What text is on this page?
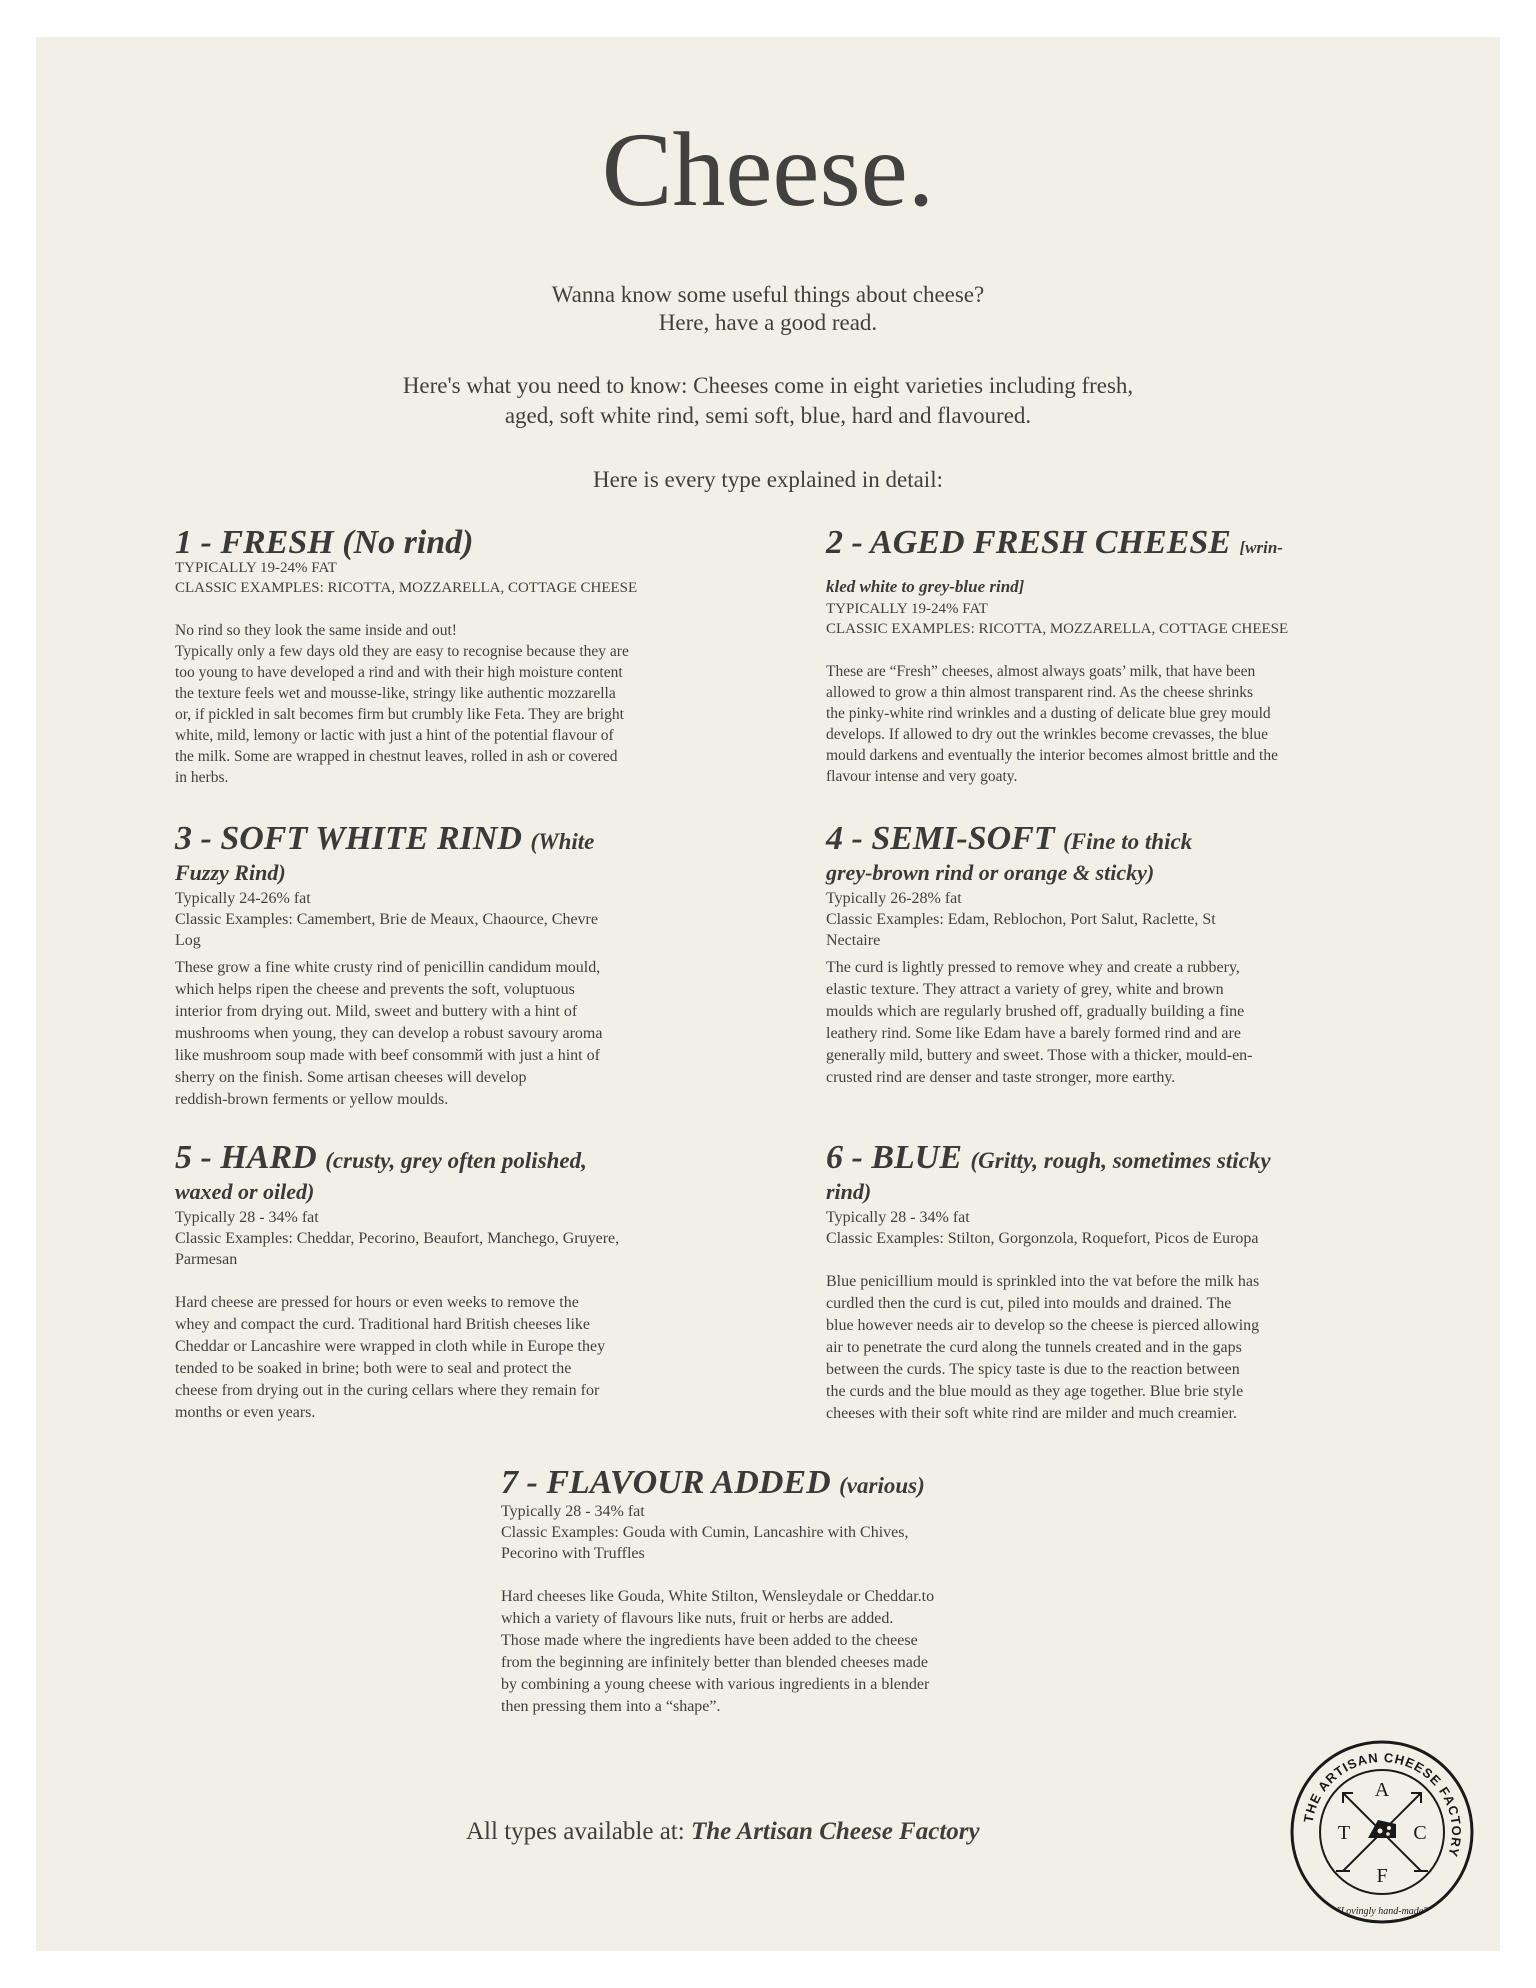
Cheese.
Wanna know some useful things about cheese?
Here, have a good read.
Here's what you need to know: Cheeses come in eight varieties including fresh,
aged, soft white rind, semi soft, blue, hard and flavoured.
Here is every type explained in detail:
1 - FRESH (No rind)
TYPICALLY 19-24% FAT
CLASSIC EXAMPLES: RICOTTA, MOZZARELLA, COTTAGE CHEESE
No rind so they look the same inside and out!
Typically only a few days old they are easy to recognise because they are
too young to have developed a rind and with their high moisture content
the texture feels wet and mousse-like, stringy like authentic mozzarella
or, if pickled in salt becomes firm but crumbly like Feta. They are bright
white, mild, lemony or lactic with just a hint of the potential flavour of
the milk. Some are wrapped in chestnut leaves, rolled in ash or covered
in herbs.
2 - AGED FRESH CHEESE [wrin-
kled white to grey-blue rind]
TYPICALLY 19-24% FAT
CLASSIC EXAMPLES: RICOTTA, MOZZARELLA, COTTAGE CHEESE
These are “Fresh” cheeses, almost always goats’ milk, that have been
allowed to grow a thin almost transparent rind. As the cheese shrinks
the pinky-white rind wrinkles and a dusting of delicate blue grey mould
develops. If allowed to dry out the wrinkles become crevasses, the blue
mould darkens and eventually the interior becomes almost brittle and the
flavour intense and very goaty.
3 - SOFT WHITE RIND (White
Fuzzy Rind)
Typically 24-26% fat
Classic Examples: Camembert, Brie de Meaux, Chaource, Chevre
Log
These grow a fine white crusty rind of penicillin candidum mould,
which helps ripen the cheese and prevents the soft, voluptuous
interior from drying out. Mild, sweet and buttery with a hint of
mushrooms when young, they can develop a robust savoury aroma
like mushroom soup made with beef consommй with just a hint of
sherry on the finish. Some artisan cheeses will develop
reddish-brown ferments or yellow moulds.
4 - SEMI-SOFT (Fine to thick
grey-brown rind or orange & sticky)
Typically 26-28% fat
Classic Examples: Edam, Reblochon, Port Salut, Raclette, St
Nectaire
The curd is lightly pressed to remove whey and create a rubbery,
elastic texture. They attract a variety of grey, white and brown
moulds which are regularly brushed off, gradually building a fine
leathery rind. Some like Edam have a barely formed rind and are
generally mild, buttery and sweet. Those with a thicker, mould-en-
crusted rind are denser and taste stronger, more earthy.
5 - HARD (crusty, grey often polished,
waxed or oiled)
Typically 28 - 34% fat
Classic Examples: Cheddar, Pecorino, Beaufort, Manchego, Gruyere,
Parmesan
Hard cheese are pressed for hours or even weeks to remove the
whey and compact the curd. Traditional hard British cheeses like
Cheddar or Lancashire were wrapped in cloth while in Europe they
tended to be soaked in brine; both were to seal and protect the
cheese from drying out in the curing cellars where they remain for
months or even years.
6 - BLUE (Gritty, rough, sometimes sticky
rind)
Typically 28 - 34% fat
Classic Examples: Stilton, Gorgonzola, Roquefort, Picos de Europa
Blue penicillium mould is sprinkled into the vat before the milk has
curdled then the curd is cut, piled into moulds and drained. The
blue however needs air to develop so the cheese is pierced allowing
air to penetrate the curd along the tunnels created and in the gaps
between the curds. The spicy taste is due to the reaction between
the curds and the blue mould as they age together. Blue brie style
cheeses with their soft white rind are milder and much creamier.
7 - FLAVOUR ADDED (various)
Typically 28 - 34% fat
Classic Examples: Gouda with Cumin, Lancashire with Chives,
Pecorino with Truffles
Hard cheeses like Gouda, White Stilton, Wensleydale or Cheddar.to
which a variety of flavours like nuts, fruit or herbs are added.
Those made where the ingredients have been added to the cheese
from the beginning are infinitely better than blended cheeses made
by combining a young cheese with various ingredients in a blender
then pressing them into a “shape”.
All types available at: The Artisan Cheese Factory
THE ARTISAN CHEESE FACTORY
"Lovingly hand-made"
A
T	C
F
